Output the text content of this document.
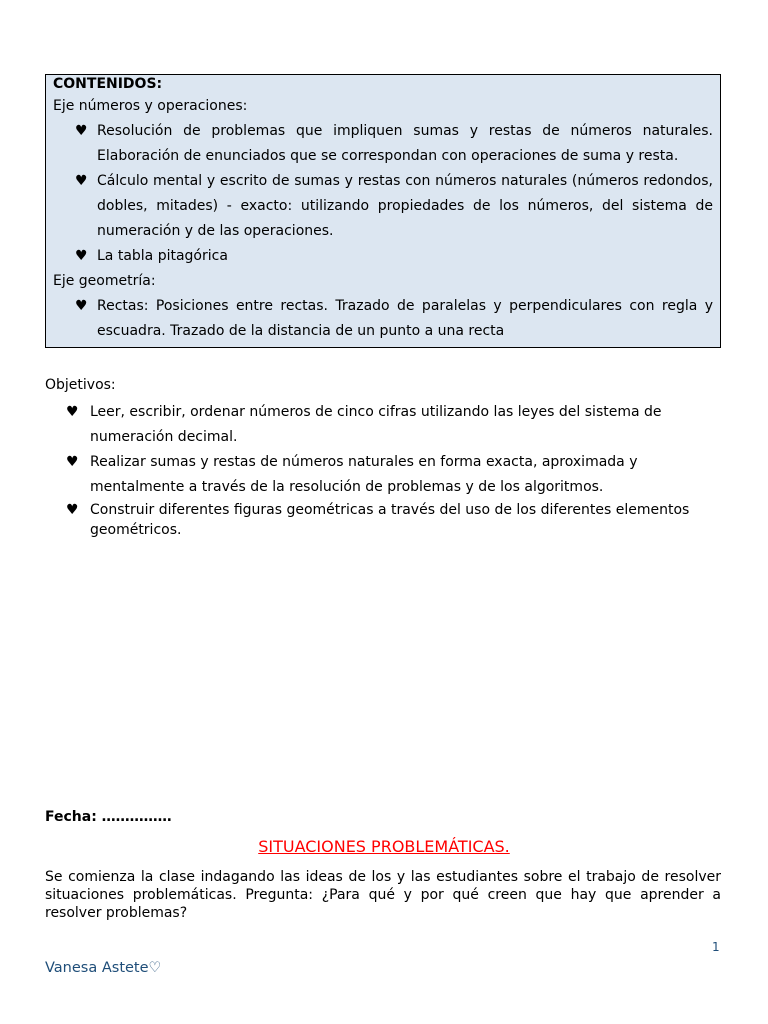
CONTENIDOS:
Eje números y operaciones:
♥ Resolución de problemas que impliquen sumas y restas de números naturales. Elaboración de enunciados que se correspondan con operaciones de suma y resta.
♥ Cálculo mental y escrito de sumas y restas con números naturales (números redondos, dobles, mitades) - exacto: utilizando propiedades de los números, del sistema de numeración y de las operaciones.
♥ La tabla pitagórica
Eje geometría:
♥ Rectas: Posiciones entre rectas. Trazado de paralelas y perpendiculares con regla y escuadra. Trazado de la distancia de un punto a una recta
Objetivos:
♥ Leer, escribir, ordenar números de cinco cifras utilizando las leyes del sistema de numeración decimal.
♥ Realizar sumas y restas de números naturales en forma exacta, aproximada y mentalmente a través de la resolución de problemas y de los algoritmos.
♥ Construir diferentes figuras geométricas a través del uso de los diferentes elementos geométricos.
Fecha: ……………
SITUACIONES PROBLEMÁTICAS.
Se comienza la clase indagando las ideas de los y las estudiantes sobre el trabajo de resolver situaciones problemáticas. Pregunta: ¿Para qué y por qué creen que hay que aprender a resolver problemas?
1
Vanesa Astete♡
